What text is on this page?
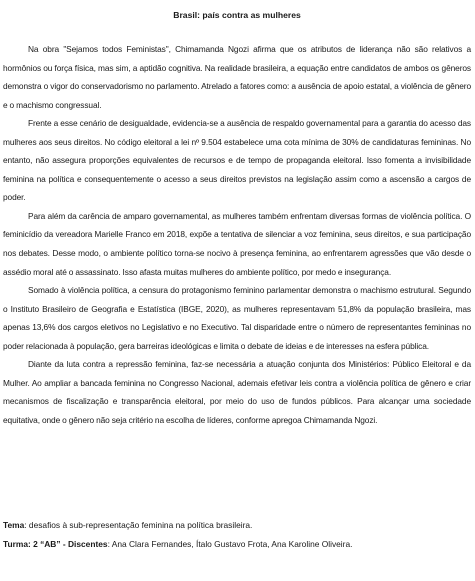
Brasil: país contra as mulheres

Na obra "Sejamos todos Feministas", Chimamanda Ngozi afirma que os atributos de liderança não são relativos a hormônios ou força física, mas sim, a aptidão cognitiva. Na realidade brasileira, a equação entre candidatos de ambos os gêneros demonstra o vigor do conservadorismo no parlamento. Atrelado a fatores como: a ausência de apoio estatal, a violência de gênero e o machismo congressual.

Frente a esse cenário de desigualdade, evidencia-se a ausência de respaldo governamental para a garantia do acesso das mulheres aos seus direitos. No código eleitoral a lei nº 9.504 estabelece uma cota mínima de 30% de candidaturas femininas. No entanto, não assegura proporções equivalentes de recursos e de tempo de propaganda eleitoral. Isso fomenta a invisibilidade feminina na política e consequentemente o acesso a seus direitos previstos na legislação assim como a ascensão a cargos de poder.

Para além da carência de amparo governamental, as mulheres também enfrentam diversas formas de violência política. O feminicídio da vereadora Marielle Franco em 2018, expõe a tentativa de silenciar a voz feminina, seus direitos, e sua participação nos debates. Desse modo, o ambiente político torna-se nocivo à presença feminina, ao enfrentarem agressões que vão desde o assédio moral até o assassinato. Isso afasta muitas mulheres do ambiente político, por medo e insegurança.

Somado à violência política, a censura do protagonismo feminino parlamentar demonstra o machismo estrutural. Segundo o Instituto Brasileiro de Geografia e Estatística (IBGE, 2020), as mulheres representavam 51,8% da população brasileira, mas apenas 13,6% dos cargos eletivos no Legislativo e no Executivo. Tal disparidade entre o número de representantes femininas no poder relacionada à população, gera barreiras ideológicas e limita o debate de ideias e de interesses na esfera pública.

Diante da luta contra a repressão feminina, faz-se necessária a atuação conjunta dos Ministérios: Público Eleitoral e da Mulher. Ao ampliar a bancada feminina no Congresso Nacional, ademais efetivar leis contra a violência política de gênero e criar mecanismos de fiscalização e transparência eleitoral, por meio do uso de fundos públicos. Para alcançar uma sociedade equitativa, onde o gênero não seja critério na escolha de líderes, conforme apregoa Chimamanda Ngozi.

Tema: desafios à sub-representação feminina na política brasileira.
Turma: 2 “AB” - Discentes: Ana Clara Fernandes, Ítalo Gustavo Frota, Ana Karoline Oliveira.
